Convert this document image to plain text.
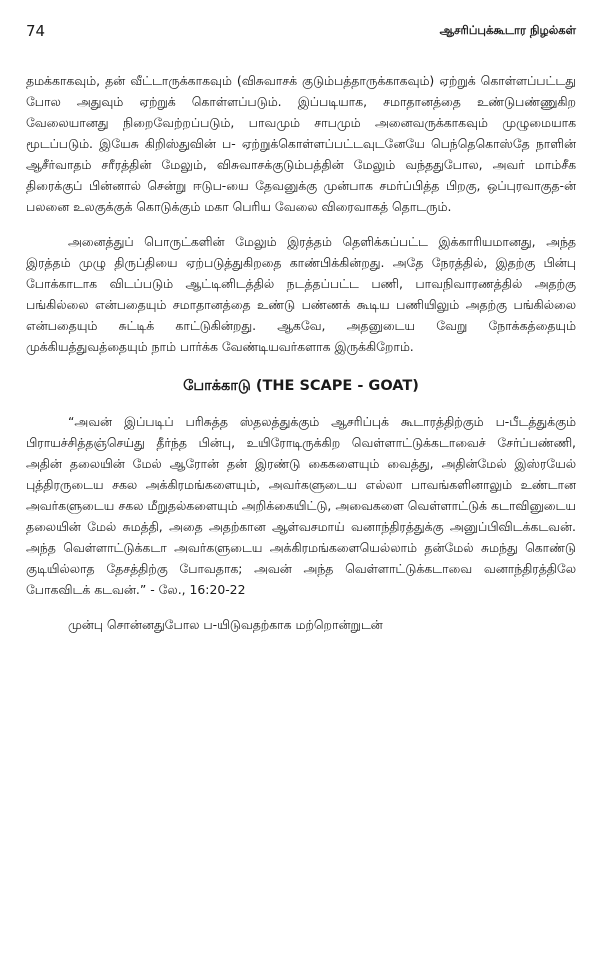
74	ஆசரிப்புக்கூடார நிழல்கள்

தமக்காகவும், தன் வீட்டாருக்காகவும் (விசுவாசக் குடும்பத்தாருக்காகவும்) ஏற்றுக் கொள்ளப்பட்டது போல அதுவும் ஏற்றுக் கொள்ளப்படும். இப்படியாக, சமாதானத்தை உண்டுபண்ணுகிற வேலையானது நிறைவேற்றப்படும், பாவமும் சாபமும் அனைவருக்காகவும் முழுமையாக மூடப்படும். இயேசு கிறிஸ்துவின் ப- ஏற்றுக்கொள்ளப்பட்டவுடனேயே பெந்தெகொஸ்தே நாளின் ஆசீர்வாதம் சரீரத்தின் மேலும், விசுவாசக்குடும்பத்தின் மேலும் வந்ததுபோல, அவர் மாம்சீக திரைக்குப் பின்னால் சென்று ஈடுப-யை தேவனுக்கு முன்பாக சமர்ப்பித்த பிறகு, ஒப்புரவாகுத-ன் பலனை உலகுக்குக் கொடுக்கும் மகா பெரிய வேலை விரைவாகத் தொடரும்.

அனைத்துப் பொருட்களின் மேலும் இரத்தம் தெளிக்கப்பட்ட இக்காரியமானது, அந்த இரத்தம் முழு திருப்தியை ஏற்படுத்துகிறதை காண்பிக்கின்றது. அதே நேரத்தில், இதற்கு பின்பு போக்காடாக விடப்படும் ஆட்டினிடத்தில் நடத்தப்பட்ட பணி, பாவநிவாரணத்தில் அதற்கு பங்கில்லை என்பதையும் சமாதானத்தை உண்டு பண்ணக் கூடிய பணியிலும் அதற்கு பங்கில்லை என்பதையும் சுட்டிக் காட்டுகின்றது. ஆகவே, அதனுடைய வேறு நோக்கத்தையும் முக்கியத்துவத்தையும் நாம் பார்க்க வேண்டியவர்களாக இருக்கிறோம்.

போக்காடு (THE SCAPE - GOAT)

“அவன் இப்படிப் பரிசுத்த ஸ்தலத்துக்கும் ஆசரிப்புக் கூடாரத்திற்கும் ப-பீடத்துக்கும் பிராயச்சித்தஞ்செய்து தீர்ந்த பின்பு, உயிரோடிருக்கிற வெள்ளாட்டுக்கடாவைச் சேர்ப்பண்ணி, அதின் தலையின் மேல் ஆரோன் தன் இரண்டு கைகளையும் வைத்து, அதின்மேல் இஸ்ரயேல் புத்திரருடைய சகல அக்கிரமங்களையும், அவர்களுடைய எல்லா பாவங்களினாலும் உண்டான அவர்களுடைய சகல மீறுதல்களையும் அறிக்கையிட்டு, அவைகளை வெள்ளாட்டுக் கடாவினுடைய தலையின் மேல் சுமத்தி, அதை அதற்கான ஆள்வசமாய் வனாந்திரத்துக்கு அனுப்பிவிடக்கடவன். அந்த வெள்ளாட்டுக்கடா அவர்களுடைய அக்கிரமங்களையெல்லாம் தன்மேல் சுமந்து கொண்டு குடியில்லாத தேசத்திற்கு போவதாக; அவன் அந்த வெள்ளாட்டுக்கடாவை வனாந்திரத்திலே போகவிடக் கடவன்.” - லே., 16:20-22

முன்பு சொன்னதுபோல ப-யிடுவதற்காக மற்றொன்றுடன்
